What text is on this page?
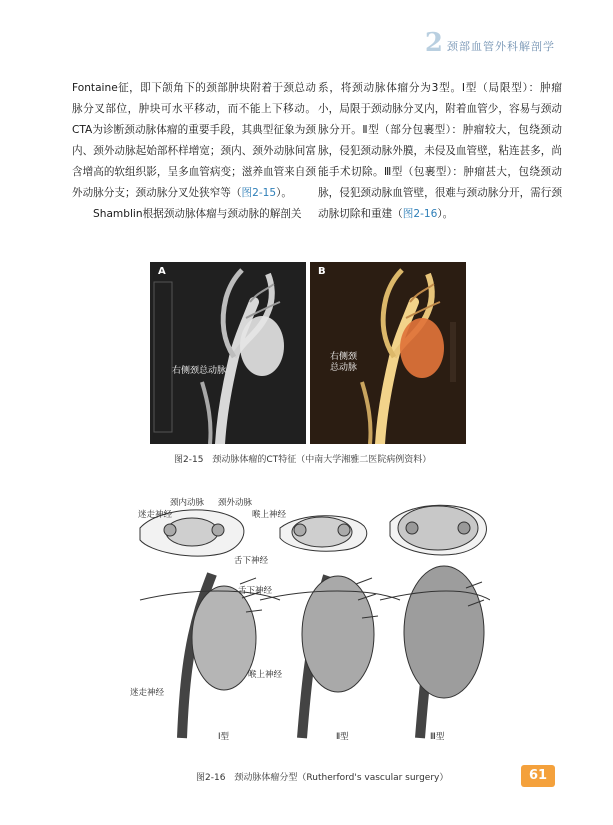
2 颈部血管外科解剖学

Fontaine征，即下颌角下的颈部肿块附着于颈总动脉分叉部位，肿块可水平移动，而不能上下移动。CTA为诊断颈动脉体瘤的重要手段，其典型征象为颈内、颈外动脉起始部杯样增宽；颈内、颈外动脉间富含增高的软组织影，呈多血管病变；滋养血管来自颈外动脉分支；颈动脉分叉处狭窄等（图2-15）。

Shamblin根据颈动脉体瘤与颈动脉的解剖关

系，将颈动脉体瘤分为3型。Ⅰ型（局限型）：肿瘤小，局限于颈动脉分叉内，附着血管少，容易与颈动脉分开。Ⅱ型（部分包裹型）：肿瘤较大，包绕颈动脉，侵犯颈动脉外膜，未侵及血管壁，粘连甚多，尚能手术切除。Ⅲ型（包裹型）：肿瘤甚大，包绕颈动脉，侵犯颈动脉血管壁，很难与颈动脉分开，需行颈动脉切除和重建（图2-16）。

A
右侧颈总动脉
B
右侧颈
总动脉
图2-15　颈动脉体瘤的CT特征（中南大学湘雅二医院病例资料）
迷走神经
颈内动脉 颈外动脉
喉上神经
舌下神经
舌下神经
喉上神经
迷走神经
Ⅰ型	Ⅱ型	Ⅲ型
图2-16　颈动脉体瘤分型（Rutherford's vascular surgery）	61
